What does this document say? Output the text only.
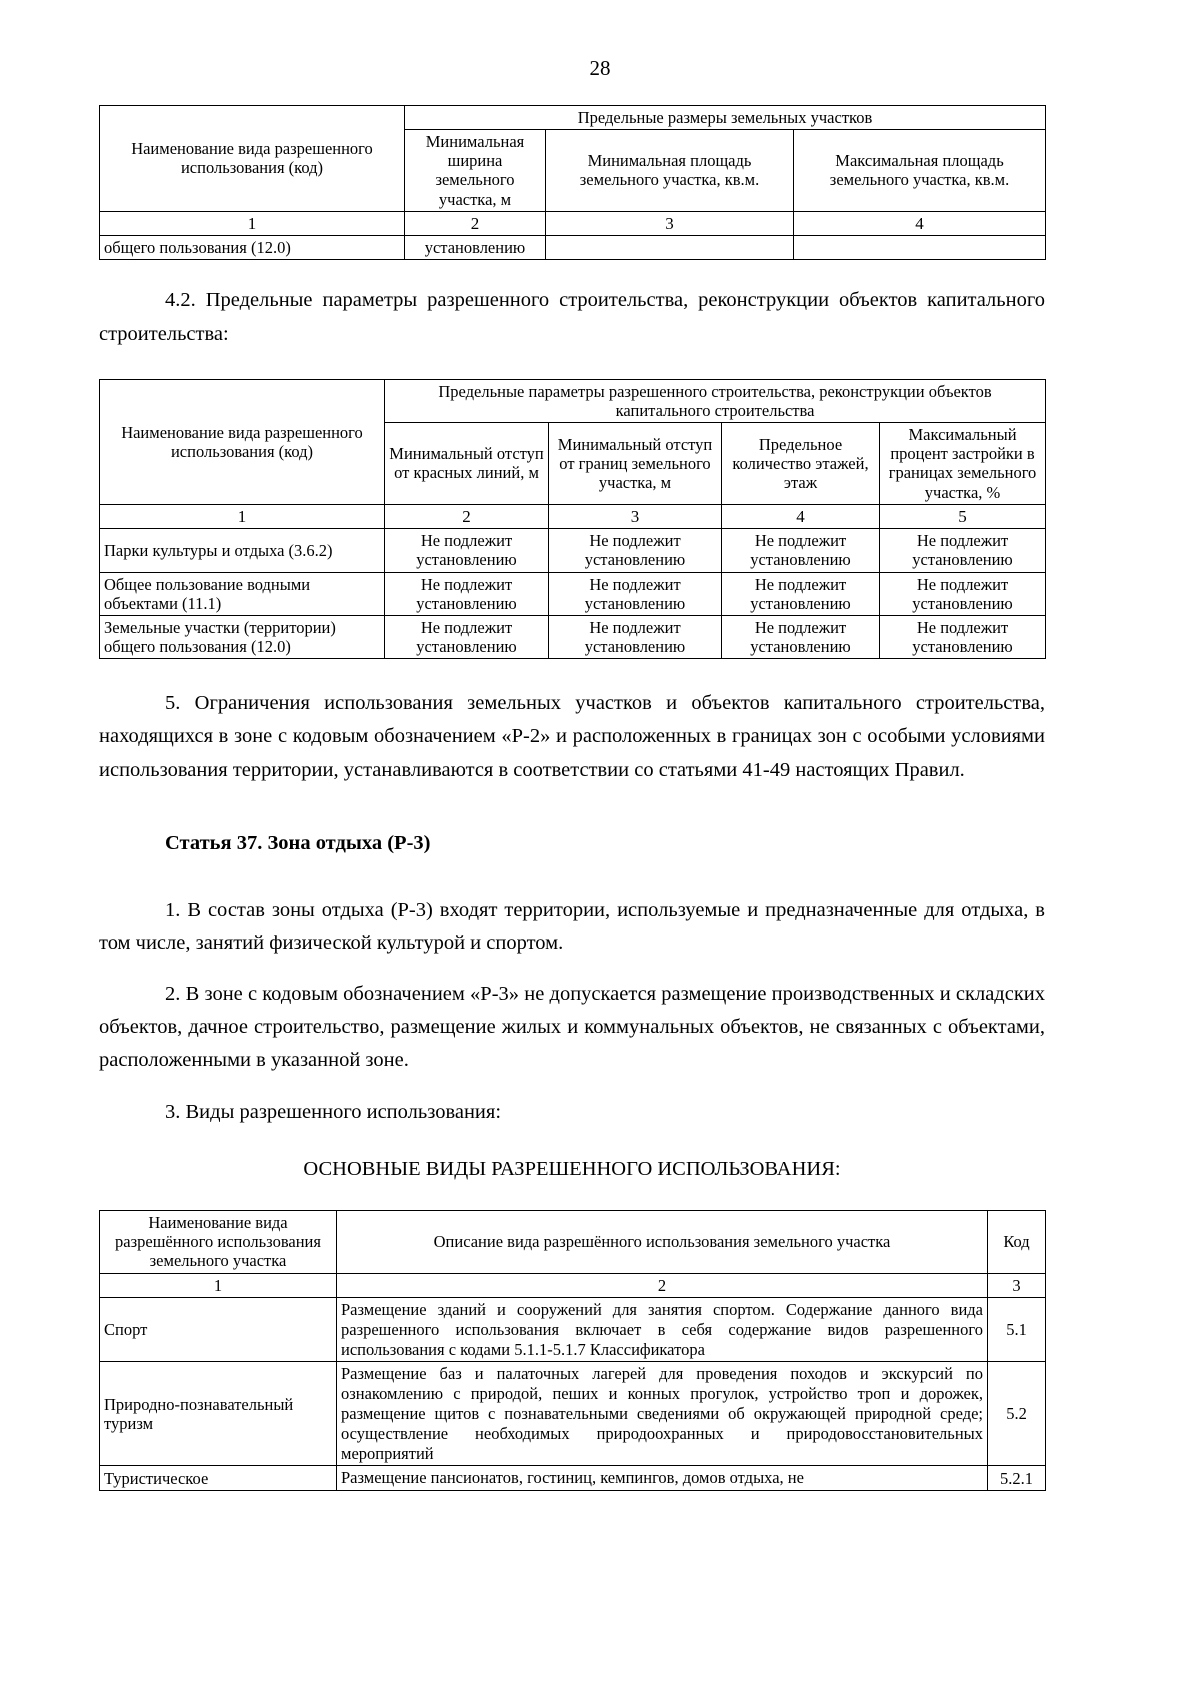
28
Наименование вида разрешенного использования (код)	Предельные размеры земельных участков		
	Минимальная ширина земельного участка, м	Минимальная площадь земельного участка, кв.м.	Максимальная площадь земельного участка, кв.м.
1	2	3	4
общего пользования (12.0)	установлению		

4.2. Предельные параметры разрешенного строительства, реконструкции объектов капитального строительства:

Наименование вида разрешенного использования (код)	Предельные параметры разрешенного строительства, реконструкции объектов капитального строительства			
	Минимальный отступ от красных линий, м	Минимальный отступ от границ земельного участка, м	Предельное количество этажей, этаж	Максимальный процент застройки в границах земельного участка, %
1	2	3	4	5
Парки культуры и отдыха (3.6.2)	Не подлежит установлению	Не подлежит установлению	Не подлежит установлению	Не подлежит установлению
Общее пользование водными объектами (11.1)	Не подлежит установлению	Не подлежит установлению	Не подлежит установлению	Не подлежит установлению
Земельные участки (территории) общего пользования (12.0)	Не подлежит установлению	Не подлежит установлению	Не подлежит установлению	Не подлежит установлению

5. Ограничения использования земельных участков и объектов капитального строительства, находящихся в зоне с кодовым обозначением «Р-2» и расположенных в границах зон с особыми условиями использования территории, устанавливаются в соответствии со статьями 41-49 настоящих Правил.

Статья 37. Зона отдыха (Р-3)

1. В состав зоны отдыха (Р-3) входят территории, используемые и предназначенные для отдыха, в том числе, занятий физической культурой и спортом.

2. В зоне с кодовым обозначением «Р-3» не допускается размещение производственных и складских объектов, дачное строительство, размещение жилых и коммунальных объектов, не связанных с объектами, расположенными в указанной зоне.

3. Виды разрешенного использования:

ОСНОВНЫЕ ВИДЫ РАЗРЕШЕННОГО ИСПОЛЬЗОВАНИЯ:

Наименование вида разрешённого использования земельного участка	Описание вида разрешённого использования земельного участка	Код
1	2	3
Спорт	Размещение зданий и сооружений для занятия спортом. Содержание данного вида разрешенного использования включает в себя содержание видов разрешенного использования с кодами 5.1.1-5.1.7 Классификатора	5.1
Природно-познавательный туризм	Размещение баз и палаточных лагерей для проведения походов и экскурсий по ознакомлению с природой, пеших и конных прогулок, устройство троп и дорожек, размещение щитов с познавательными сведениями об окружающей природной среде; осуществление необходимых природоохранных и природовосстановительных мероприятий	5.2
Туристическое	Размещение пансионатов, гостиниц, кемпингов, домов отдыха, не	5.2.1
